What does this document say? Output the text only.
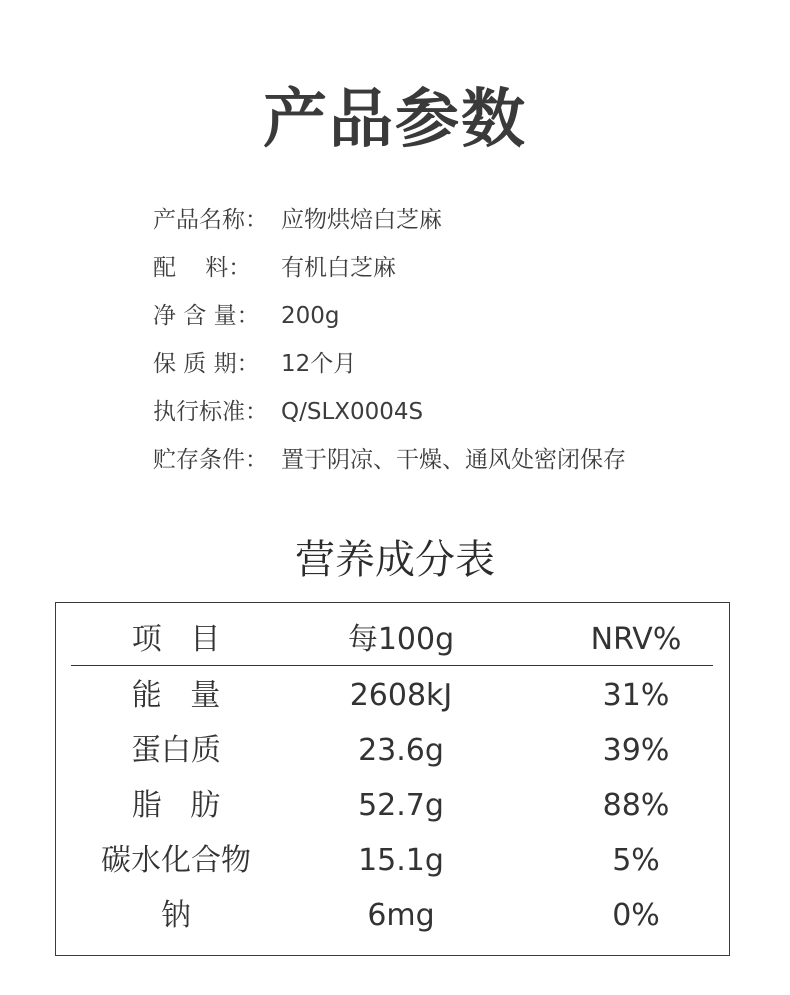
产品参数
产品名称： 应物烘焙白芝麻
配    料： 有机白芝麻
净 含 量： 200g
保 质 期： 12个月
执行标准： Q/SLX0004S
贮存条件： 置于阴凉、干燥、通风处密闭保存
营养成分表
项   目	每100g	NRV%
能   量	2608kJ	31%
蛋白质	23.6g	39%
脂   肪	52.7g	88%
碳水化合物	15.1g	5%
钠	6mg	0%
